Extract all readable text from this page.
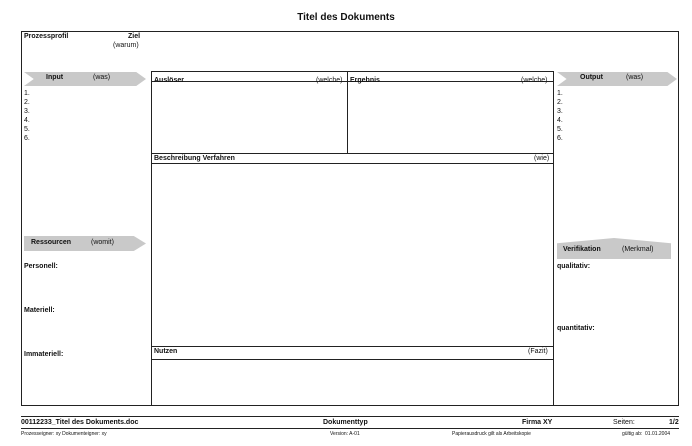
Titel des Dokuments
Prozessprofil	Ziel
(warum)
Input	(was)
1.
2.
3.
4.
5.
6.
Output	(was)
1.
2.
3.
4.
5.
6.
Auslöser	(welche) Ergebnis	(welche)
Beschreibung Verfahren	(wie)
Nutzen	(Fazit)
Ressourcen	(womit)
Personell:
Materiell:
Immateriell:
Verifikation	(Merkmal)
qualitativ:
quantitativ:
00112233_Titel des Dokuments.doc	Dokumenttyp	Firma XY	Seiten:	1/2
Prozesseigner: xy Dokumenteigner: xy	Version: A-01	Papierausdruck gilt als Arbeitskopie	gültig ab: 01.01.2004
